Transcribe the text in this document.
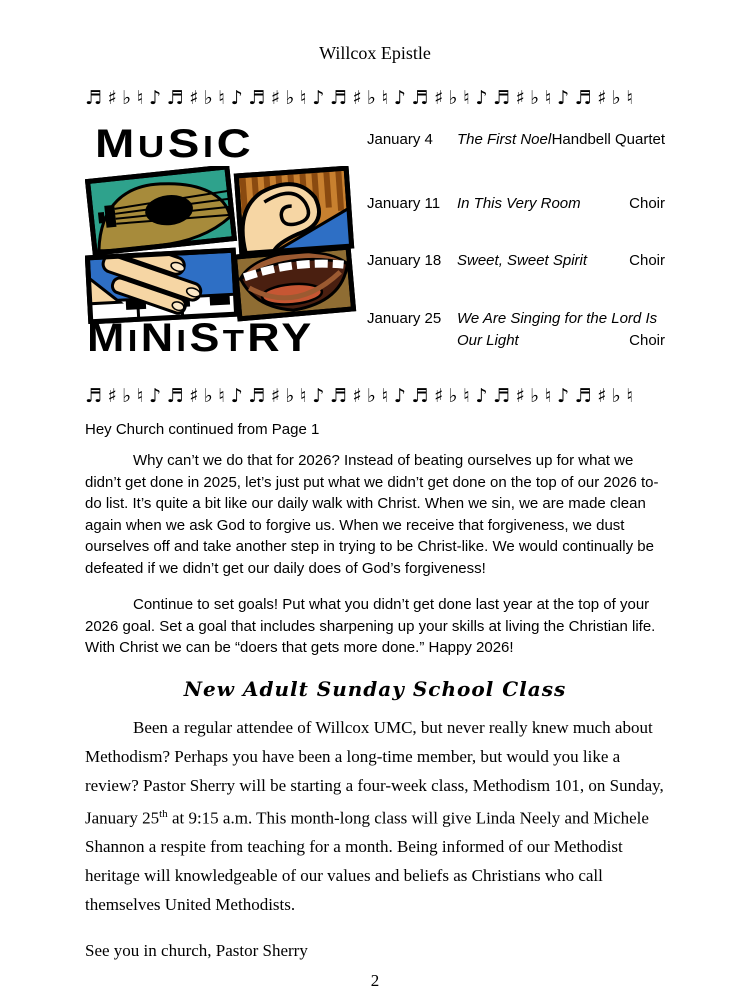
Willcox Epistle
♬♯♭♮♪♬♯♭♮♪♬♯♭♮♪♬♯♭♮♪♬♯♭♮♪♬♯♭♮♪♬♯♭♮
MUSIC
MINISTRY
January 4	The First Noel Handbell Quartet
January 11	In This Very Room	Choir
January 18	Sweet, Sweet Spirit	Choir
January 25	We Are Singing for the Lord Is
Our Light	Choir
♬♯♭♮♪♬♯♭♮♪♬♯♭♮♪♬♯♭♮♪♬♯♭♮♪♬♯♭♮♪♬♯♭♮
Hey Church continued from Page 1

Why can’t we do that for 2026? Instead of beating ourselves up for what we didn’t get done in 2025, let’s just put what we didn’t get done on the top of our 2026 to-do list. It’s quite a bit like our daily walk with Christ. When we sin, we are made clean again when we ask God to forgive us. When we receive that forgiveness, we dust ourselves off and take another step in trying to be Christ-like. We would continually be defeated if we didn’t get our daily does of God’s forgiveness!

Continue to set goals! Put what you didn’t get done last year at the top of your 2026 goal. Set a goal that includes sharpening up your skills at living the Christian life. With Christ we can be “doers that gets more done.” Happy 2026!

New Adult Sunday School Class

Been a regular attendee of Willcox UMC, but never really knew much about Methodism? Perhaps you have been a long-time member, but would you like a review? Pastor Sherry will be starting a four-week class, Methodism 101, on Sunday, January 25th at 9:15 a.m. This month-long class will give Linda Neely and Michele Shannon a respite from teaching for a month. Being informed of our Methodist heritage will knowledgeable of our values and beliefs as Christians who call themselves United Methodists.

See you in church, Pastor Sherry
2
